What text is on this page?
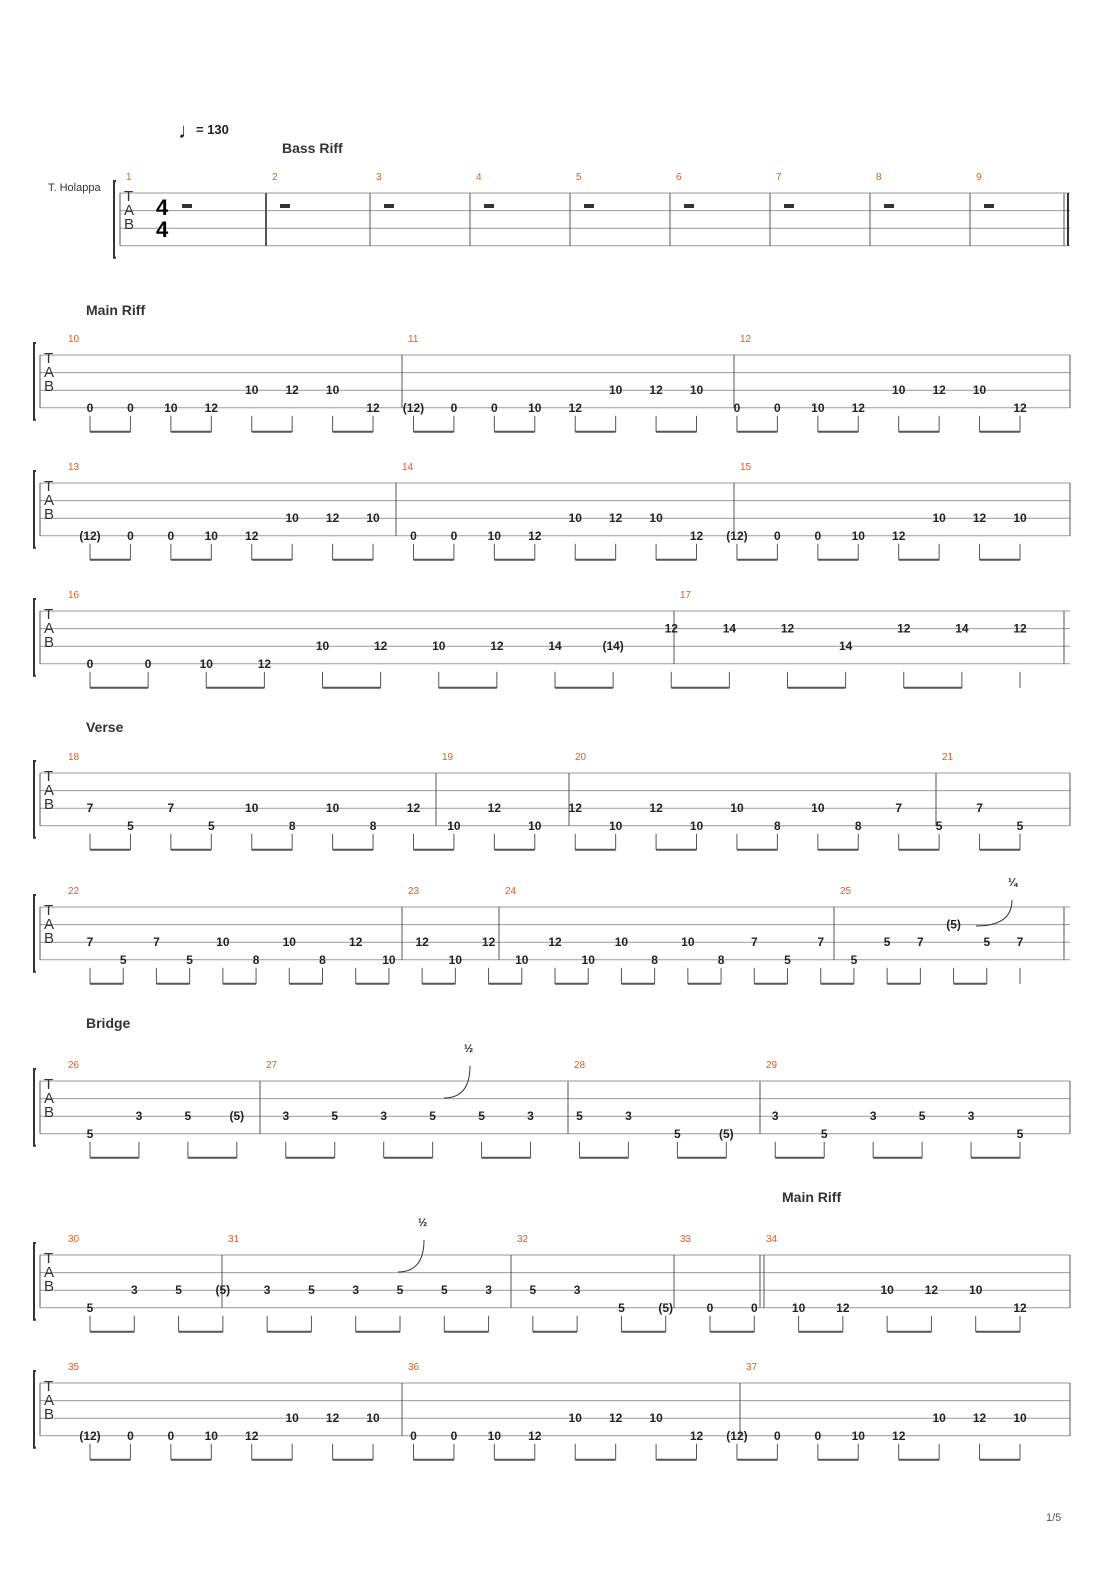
♩
= 130
Bass Riff
T. Holappa
Main Riff
Verse
Bridge
Main Riff
1/5
T
A
B
4
4
1	2	3	4	5	6	7	8	9
T
A
B
10	11	12
0	0	10 12
10 12 10
12 (12) 0	0	10 12
10 12 10
0	0	10 12
10 12 10
12
T
A
B
13	14	15
(12) 0	0	10 12
10 12 10
0	0	10 12
10 12 10
12 (12) 0	0	10 12
10 12 10
T
A
B
16	17
0	0	10	12
10	12	10	12	14	(14)
12	14	12
14
12	14	12
T
A
B
18	19	20	21
7
5
7
5
10
8
10
8
12
10
12
10
12
10
12
10
10
8
10
8
7
5
7
5
T
A
B
22	23	24	25
7
5
7
5
10
8
10
8
12
10
12
10
12
10
12
10
10
8
10
8
7
5
7
5
5 7
(5)
5 7
T
A
B
26	27	28	29
5
3	5	(5)	3	5	3	5	5	3	5	3
5	(5)
3
5
3	5	3
5
T
A
B
30	31	32	33	34
5
3	5	(5)	3	5	3	5	5	3	5	3
5	(5)	0	0	10	12
10	12	10
12
T
A
B
35	36	37
(12) 0	0	10 12
10 12 10
0	0	10 12
10 12 10
12 (12) 0	0	10 12
10 12 10
¼
½
½
